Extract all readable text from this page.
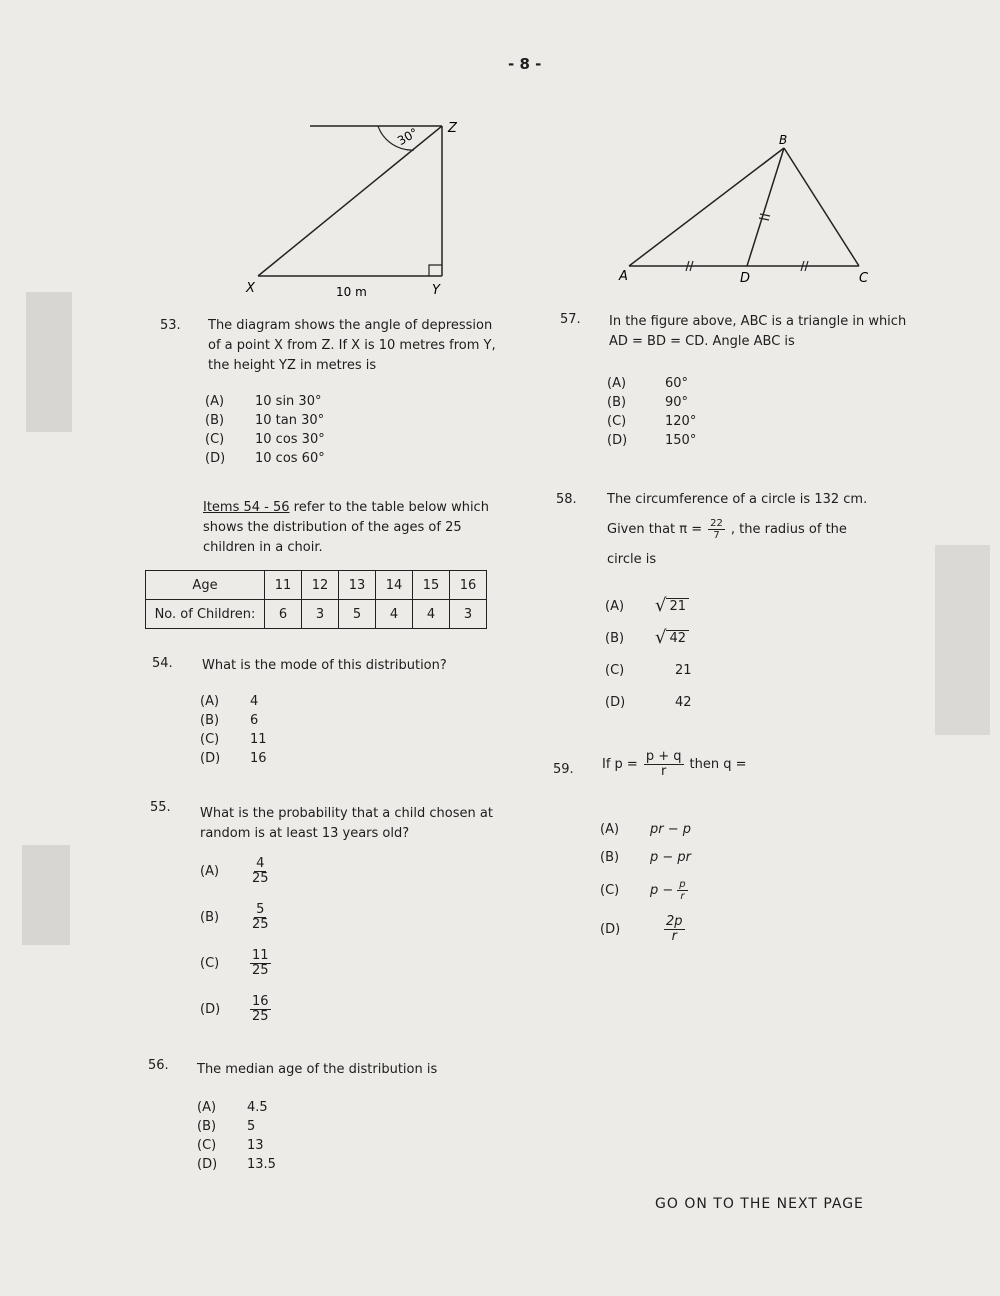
- 8 -
30° Z
X	Y
10 m
A
B
C
D
53. The diagram shows the angle of depression of a point X from Z. If X is 10 metres from Y, the height YZ in metres is
(A)	10 sin 30°
(B)	10 tan 30°
(C)	10 cos 30°
(D)	10 cos 60°
Items 54 - 56 refer to the table below which shows the distribution of the ages of 25 children in a choir.
Age	11	12	13	14	15	16
No. of Children:	6	3	5	4	4	3
54. What is the mode of this distribution?
(A)	4
(B)	6
(C)	11
(D)	16
55. What is the probability that a child chosen at random is at least 13 years old?
(A)	$\frac{4}{25}$
(B)	$\frac{5}{25}$
(C)	$\frac{11}{25}$
(D)	$\frac{16}{25}$
56. The median age of the distribution is
(A)	4.5
(B)	5
(C)	13
(D)	13.5
57. In the figure above, ABC is a triangle in which AD = BD = CD. Angle ABC is
(A)	60°
(B)	90°
(C)	120°
(D)	150°
58. The circumference of a circle is 132 cm.
Given that $\pi = \frac{22}{7}$ , the radius of the
circle is
(A)	√ 21
(B)	√ 42
(C)	21
(D)	42
59. If $p = \frac{p + q}{r}$ then q =
(A)	pr − p
(B)	p − pr
(C)	$p - \frac{p}{r}$
(D)	$\frac{2p}{r}$
GO ON TO THE NEXT PAGE
